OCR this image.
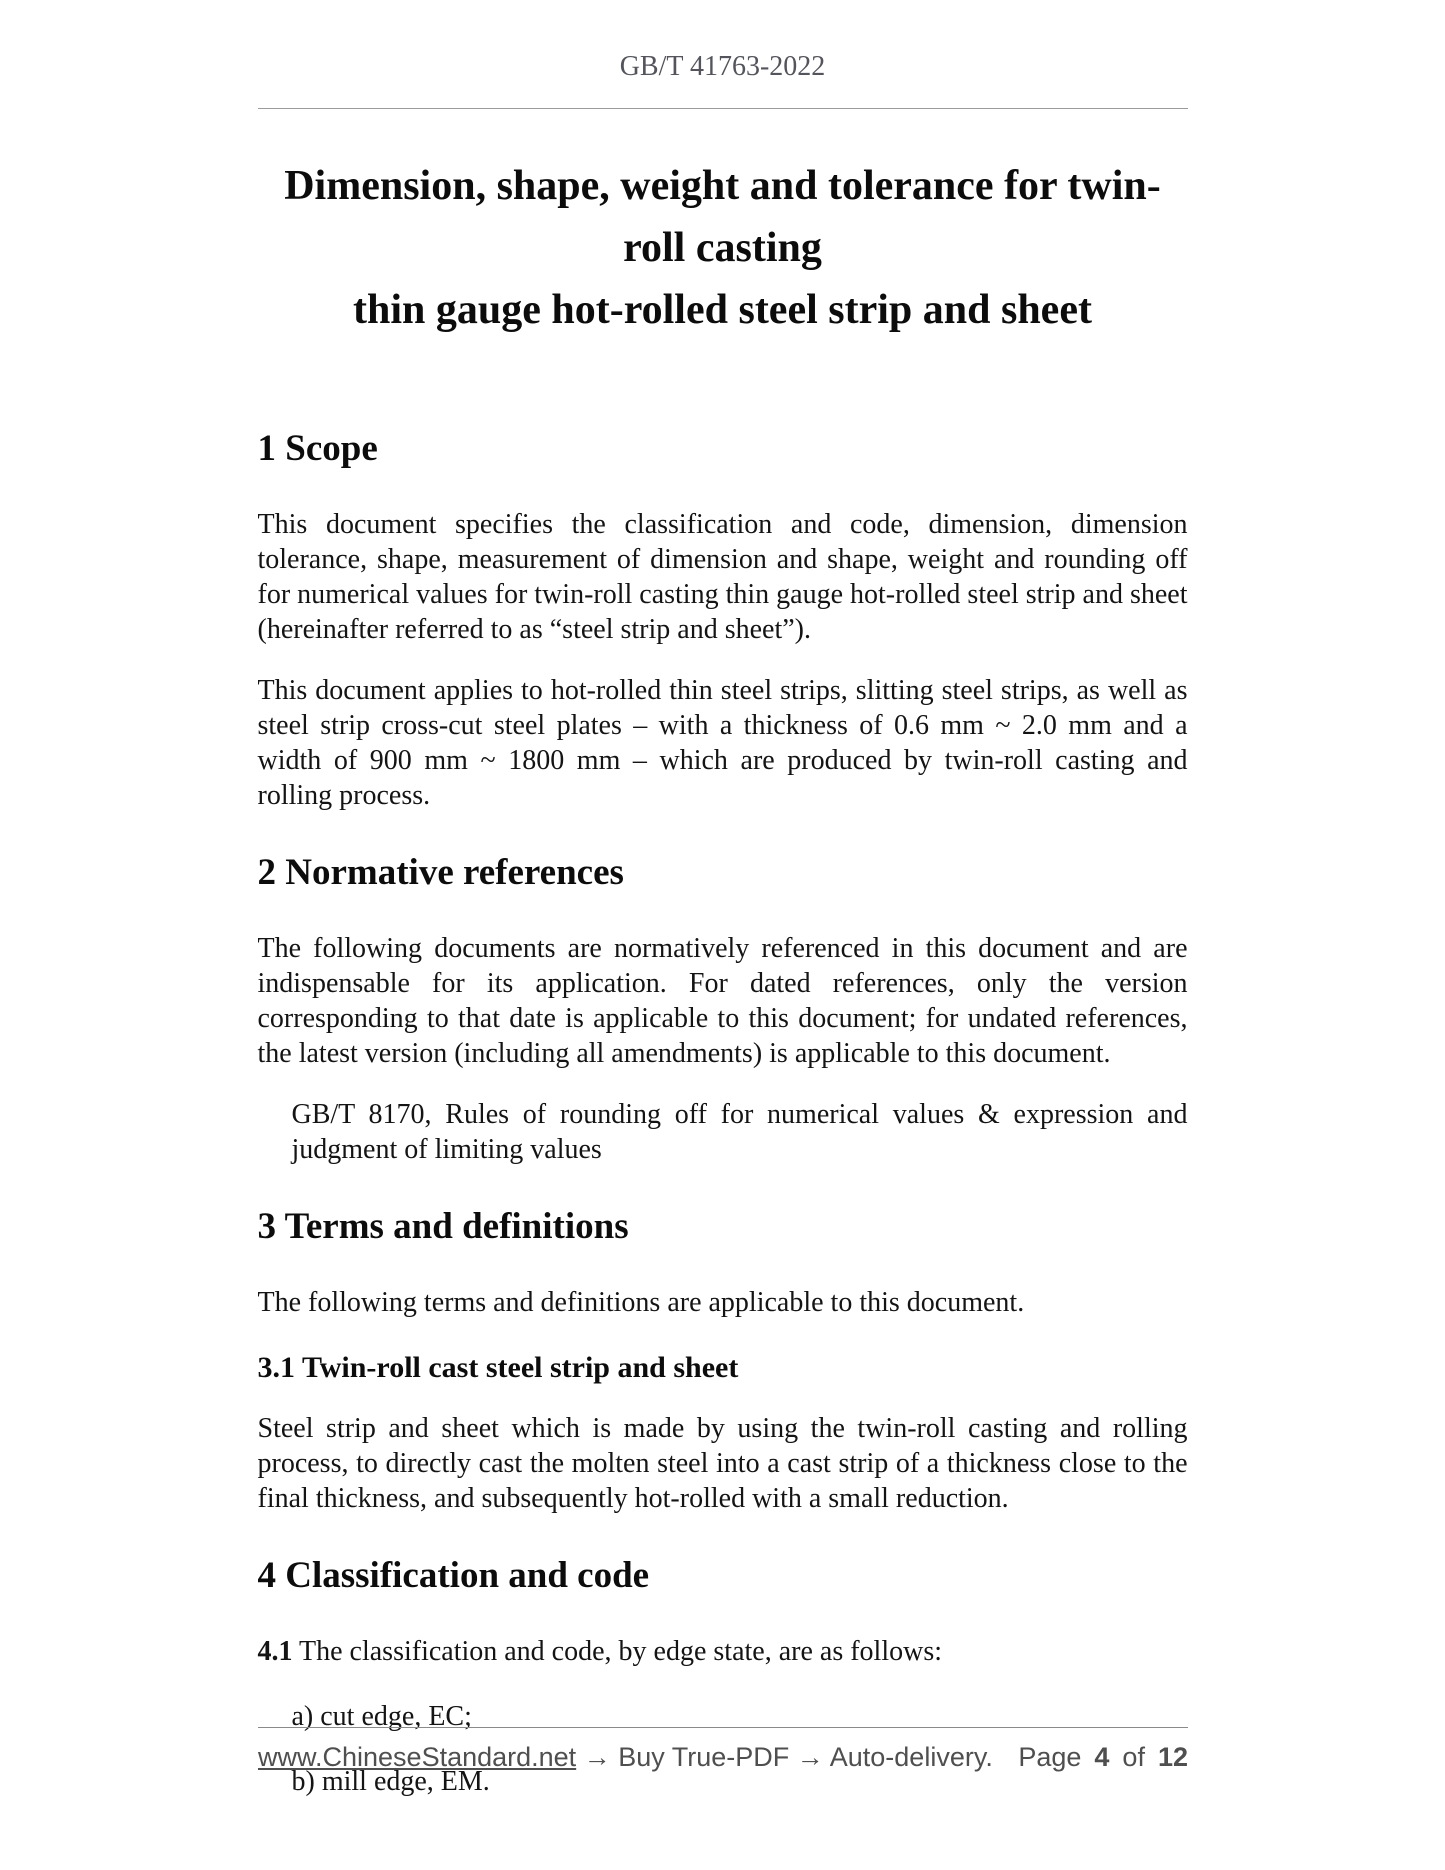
GB/T 41763-2022
Dimension, shape, weight and tolerance for twin-roll casting
thin gauge hot-rolled steel strip and sheet
1 Scope

This document specifies the classification and code, dimension, dimension tolerance, shape, measurement of dimension and shape, weight and rounding off for numerical values for twin-roll casting thin gauge hot-rolled steel strip and sheet (hereinafter referred to as “steel strip and sheet”).

This document applies to hot-rolled thin steel strips, slitting steel strips, as well as steel strip cross-cut steel plates – with a thickness of 0.6 mm ~ 2.0 mm and a width of 900 mm ~ 1800 mm – which are produced by twin-roll casting and rolling process.

2 Normative references

The following documents are normatively referenced in this document and are indispensable for its application. For dated references, only the version corresponding to that date is applicable to this document; for undated references, the latest version (including all amendments) is applicable to this document.

GB/T 8170, Rules of rounding off for numerical values & expression and judgment of limiting values

3 Terms and definitions

The following terms and definitions are applicable to this document.

3.1 Twin-roll cast steel strip and sheet

Steel strip and sheet which is made by using the twin-roll casting and rolling process, to directly cast the molten steel into a cast strip of a thickness close to the final thickness, and subsequently hot-rolled with a small reduction.

4 Classification and code

4.1 The classification and code, by edge state, are as follows:

a) cut edge, EC;

b) mill edge, EM.

www.ChineseStandard.net → Buy True-PDF → Auto-delivery. Page 4 of 12
